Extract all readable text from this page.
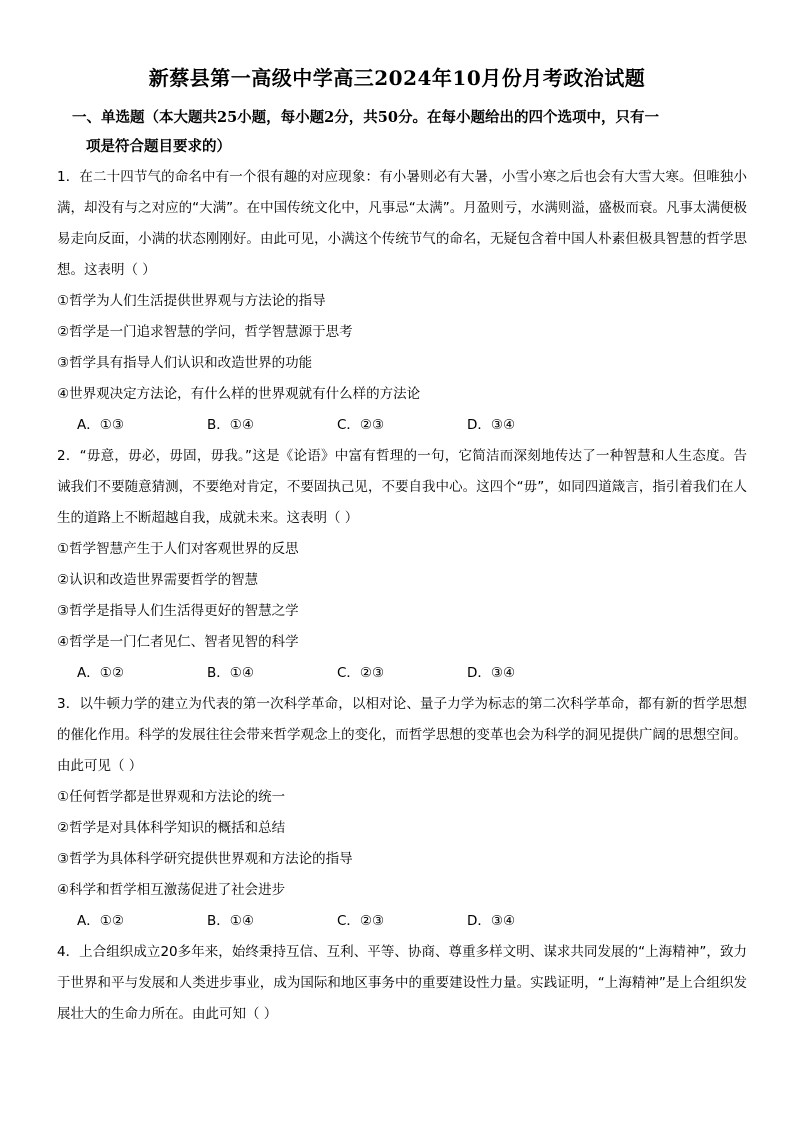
新蔡县第一高级中学高三2024年10月份月考政治试题
一、单选题（本大题共25小题，每小题2分，共50分。在每小题给出的四个选项中，只有一
项是符合题目要求的）

1．在二十四节气的命名中有一个很有趣的对应现象：有小暑则必有大暑，小雪小寒之后也会有大雪大寒。但唯独小满，却没有与之对应的“大满”。在中国传统文化中，凡事忌“太满”。月盈则亏，水满则溢，盛极而衰。凡事太满便极易走向反面，小满的状态刚刚好。由此可见，小满这个传统节气的命名，无疑包含着中国人朴素但极具智慧的哲学思想。这表明（ ）

①哲学为人们生活提供世界观与方法论的指导

②哲学是一门追求智慧的学问，哲学智慧源于思考

③哲学具有指导人们认识和改造世界的功能

④世界观决定方法论，有什么样的世界观就有什么样的方法论

A．①③	B．①④	C．②③	D．③④

2．“毋意，毋必，毋固，毋我。”这是《论语》中富有哲理的一句，它简洁而深刻地传达了一种智慧和人生态度。告诫我们不要随意猜测，不要绝对肯定，不要固执己见，不要自我中心。这四个“毋”，如同四道箴言，指引着我们在人生的道路上不断超越自我，成就未来。这表明（ ）

①哲学智慧产生于人们对客观世界的反思

②认识和改造世界需要哲学的智慧

③哲学是指导人们生活得更好的智慧之学

④哲学是一门仁者见仁、智者见智的科学

A．①②	B．①④	C．②③	D．③④

3．以牛顿力学的建立为代表的第一次科学革命，以相对论、量子力学为标志的第二次科学革命，都有新的哲学思想的催化作用。科学的发展往往会带来哲学观念上的变化，而哲学思想的变革也会为科学的洞见提供广阔的思想空间。由此可见（ ）

①任何哲学都是世界观和方法论的统一

②哲学是对具体科学知识的概括和总结

③哲学为具体科学研究提供世界观和方法论的指导

④科学和哲学相互激荡促进了社会进步

A．①②	B．①④	C．②③	D．③④

4．上合组织成立20多年来，始终秉持互信、互利、平等、协商、尊重多样文明、谋求共同发展的“上海精神”，致力于世界和平与发展和人类进步事业，成为国际和地区事务中的重要建设性力量。实践证明，“上海精神”是上合组织发展壮大的生命力所在。由此可知（ ）
